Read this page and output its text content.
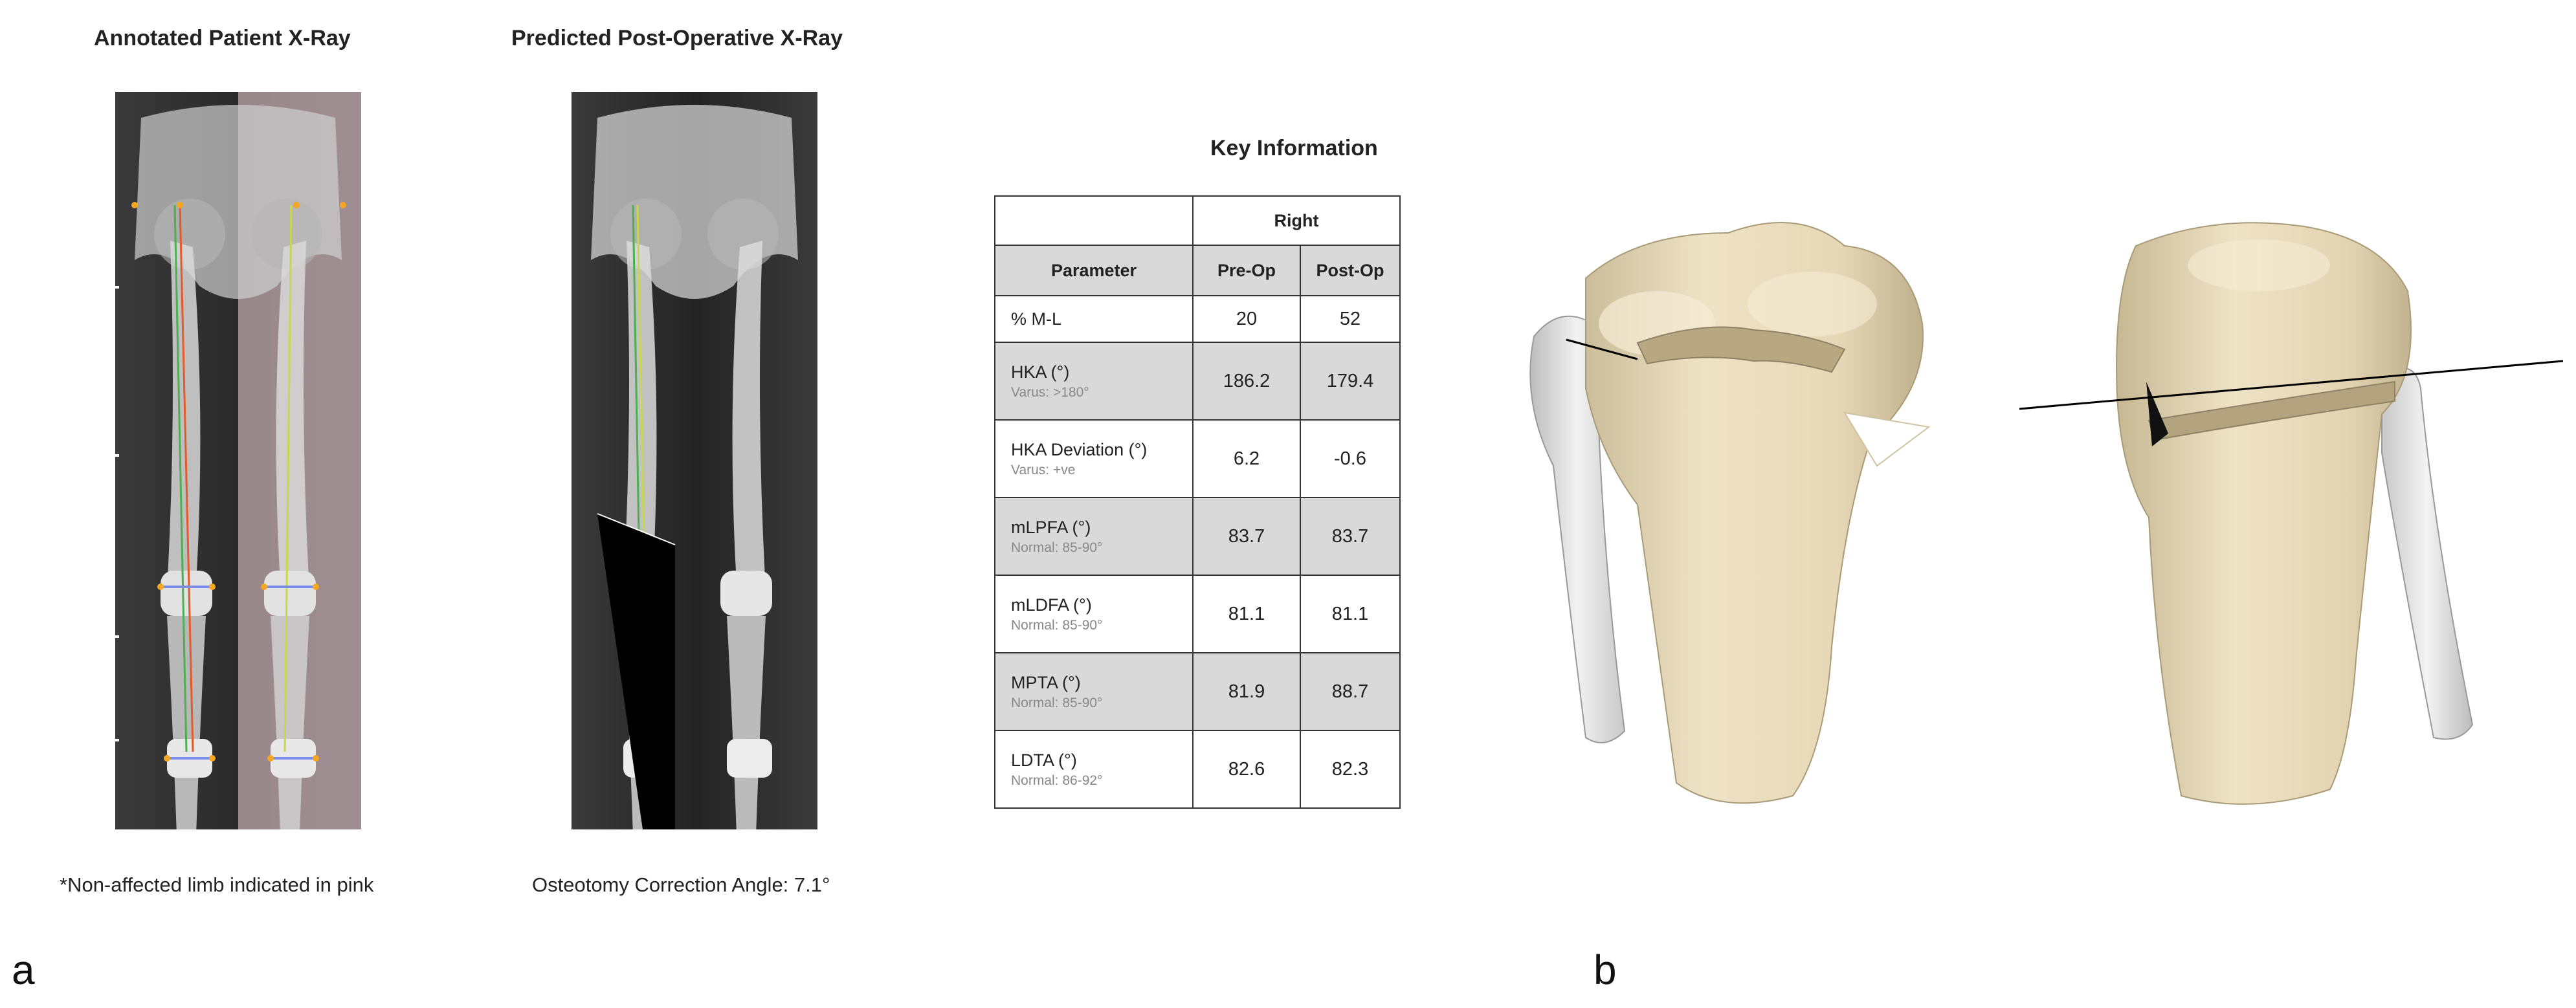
Annotated Patient X-Ray	Predicted Post-Operative X-Ray
*Non-affected limb indicated in pink	Osteotomy Correction Angle: 7.1°
Key Information
	Right	
Parameter	Pre-Op	Post-Op

% M-L	20	52

HKA (°)
Varus: >180°	186.2	179.4

HKA Deviation (°)
Varus: +ve	6.2	-0.6

mLPFA (°)
Normal: 85-90°	83.7	83.7

mLDFA (°)
Normal: 85-90°	81.1	81.1

MPTA (°)
Normal: 85-90°	81.9	88.7

LDTA (°)
Normal: 86-92°	82.6	82.3
a	b
